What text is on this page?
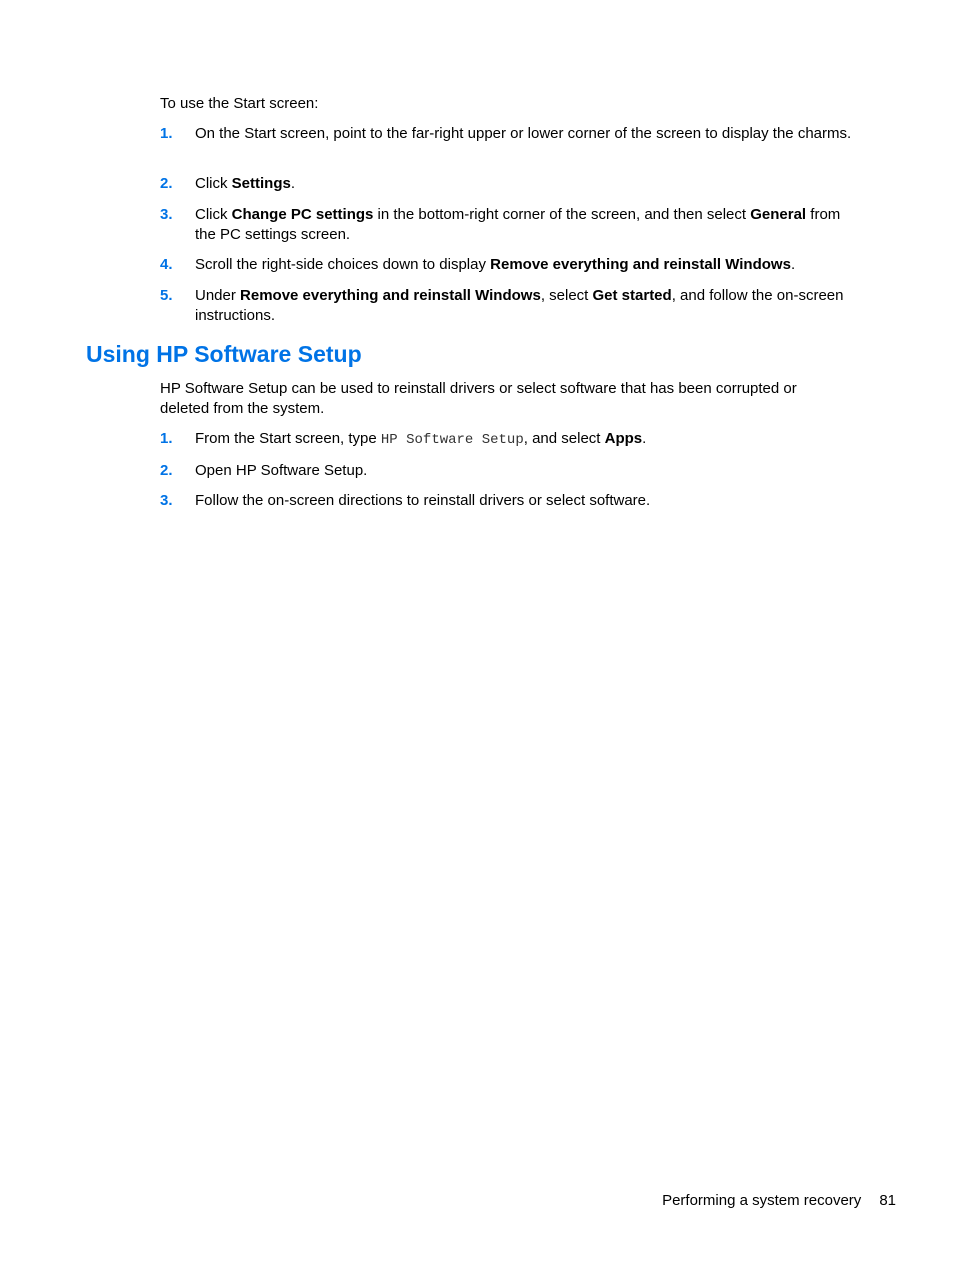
To use the Start screen:

1. On the Start screen, point to the far-right upper or lower corner of the screen to display the charms.
2. Click Settings.
3. Click Change PC settings in the bottom-right corner of the screen, and then select General from the PC settings screen.
4. Scroll the right-side choices down to display Remove everything and reinstall Windows.
5. Under Remove everything and reinstall Windows, select Get started, and follow the on-screen instructions.
Using HP Software Setup

HP Software Setup can be used to reinstall drivers or select software that has been corrupted or deleted from the system.

1. From the Start screen, type HP Software Setup, and select Apps.
2. Open HP Software Setup.
3. Follow the on-screen directions to reinstall drivers or select software.
Performing a system recovery 81
